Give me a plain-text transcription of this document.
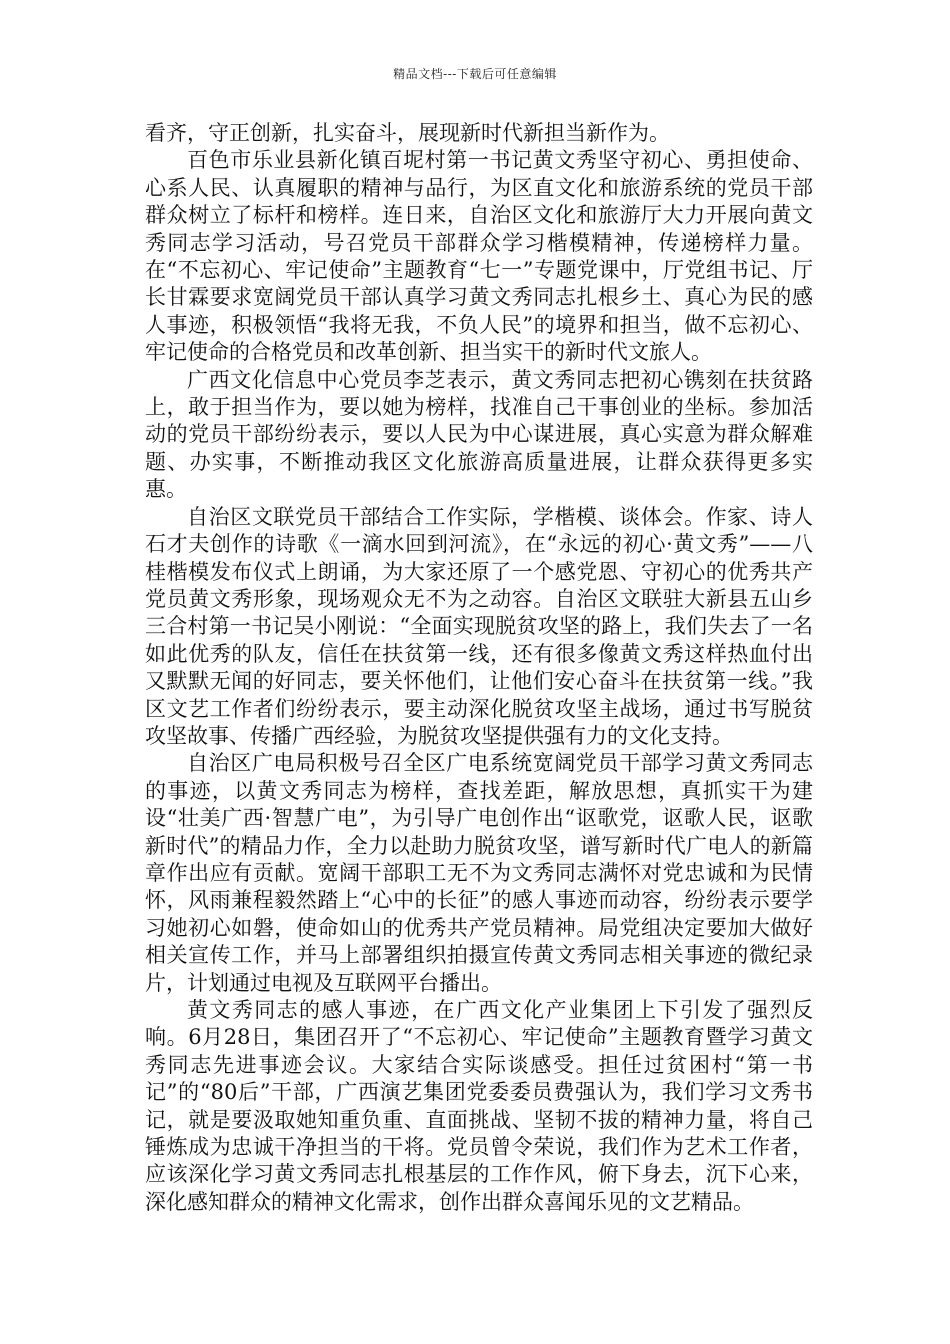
精品文档---下载后可任意编辑

看齐，守正创新，扎实奋斗，展现新时代新担当新作为。

百色市乐业县新化镇百坭村第一书记黄文秀坚守初心、勇担使命、心系人民、认真履职的精神与品行，为区直文化和旅游系统的党员干部群众树立了标杆和榜样。连日来，自治区文化和旅游厅大力开展向黄文秀同志学习活动，号召党员干部群众学习楷模精神，传递榜样力量。在“不忘初心、牢记使命”主题教育“七一”专题党课中，厅党组书记、厅长甘霖要求宽阔党员干部认真学习黄文秀同志扎根乡土、真心为民的感人事迹，积极领悟“我将无我，不负人民”的境界和担当，做不忘初心、牢记使命的合格党员和改革创新、担当实干的新时代文旅人。

广西文化信息中心党员李芝表示，黄文秀同志把初心镌刻在扶贫路上，敢于担当作为，要以她为榜样，找准自己干事创业的坐标。参加活动的党员干部纷纷表示，要以人民为中心谋进展，真心实意为群众解难题、办实事，不断推动我区文化旅游高质量进展，让群众获得更多实惠。

自治区文联党员干部结合工作实际，学楷模、谈体会。作家、诗人石才夫创作的诗歌《一滴水回到河流》，在“永远的初心·黄文秀”——八桂楷模发布仪式上朗诵，为大家还原了一个感党恩、守初心的优秀共产党员黄文秀形象，现场观众无不为之动容。自治区文联驻大新县五山乡三合村第一书记吴小刚说：“全面实现脱贫攻坚的路上，我们失去了一名如此优秀的队友，信任在扶贫第一线，还有很多像黄文秀这样热血付出又默默无闻的好同志，要关怀他们，让他们安心奋斗在扶贫第一线。”我区文艺工作者们纷纷表示，要主动深化脱贫攻坚主战场，通过书写脱贫攻坚故事、传播广西经验，为脱贫攻坚提供强有力的文化支持。

自治区广电局积极号召全区广电系统宽阔党员干部学习黄文秀同志的事迹，以黄文秀同志为榜样，查找差距，解放思想，真抓实干为建设“壮美广西·智慧广电”，为引导广电创作出“讴歌党，讴歌人民，讴歌新时代”的精品力作，全力以赴助力脱贫攻坚，谱写新时代广电人的新篇章作出应有贡献。宽阔干部职工无不为文秀同志满怀对党忠诚和为民情怀，风雨兼程毅然踏上“心中的长征”的感人事迹而动容，纷纷表示要学习她初心如磐，使命如山的优秀共产党员精神。局党组决定要加大做好相关宣传工作，并马上部署组织拍摄宣传黄文秀同志相关事迹的微纪录片，计划通过电视及互联网平台播出。

黄文秀同志的感人事迹，在广西文化产业集团上下引发了强烈反响。6月28日，集团召开了“不忘初心、牢记使命”主题教育暨学习黄文秀同志先进事迹会议。大家结合实际谈感受。担任过贫困村“第一书记”的“80后”干部，广西演艺集团党委委员费强认为，我们学习文秀书记，就是要汲取她知重负重、直面挑战、坚韧不拔的精神力量，将自己锤炼成为忠诚干净担当的干将。党员曾令荣说，我们作为艺术工作者，应该深化学习黄文秀同志扎根基层的工作作风，俯下身去，沉下心来，深化感知群众的精神文化需求，创作出群众喜闻乐见的文艺精品。
